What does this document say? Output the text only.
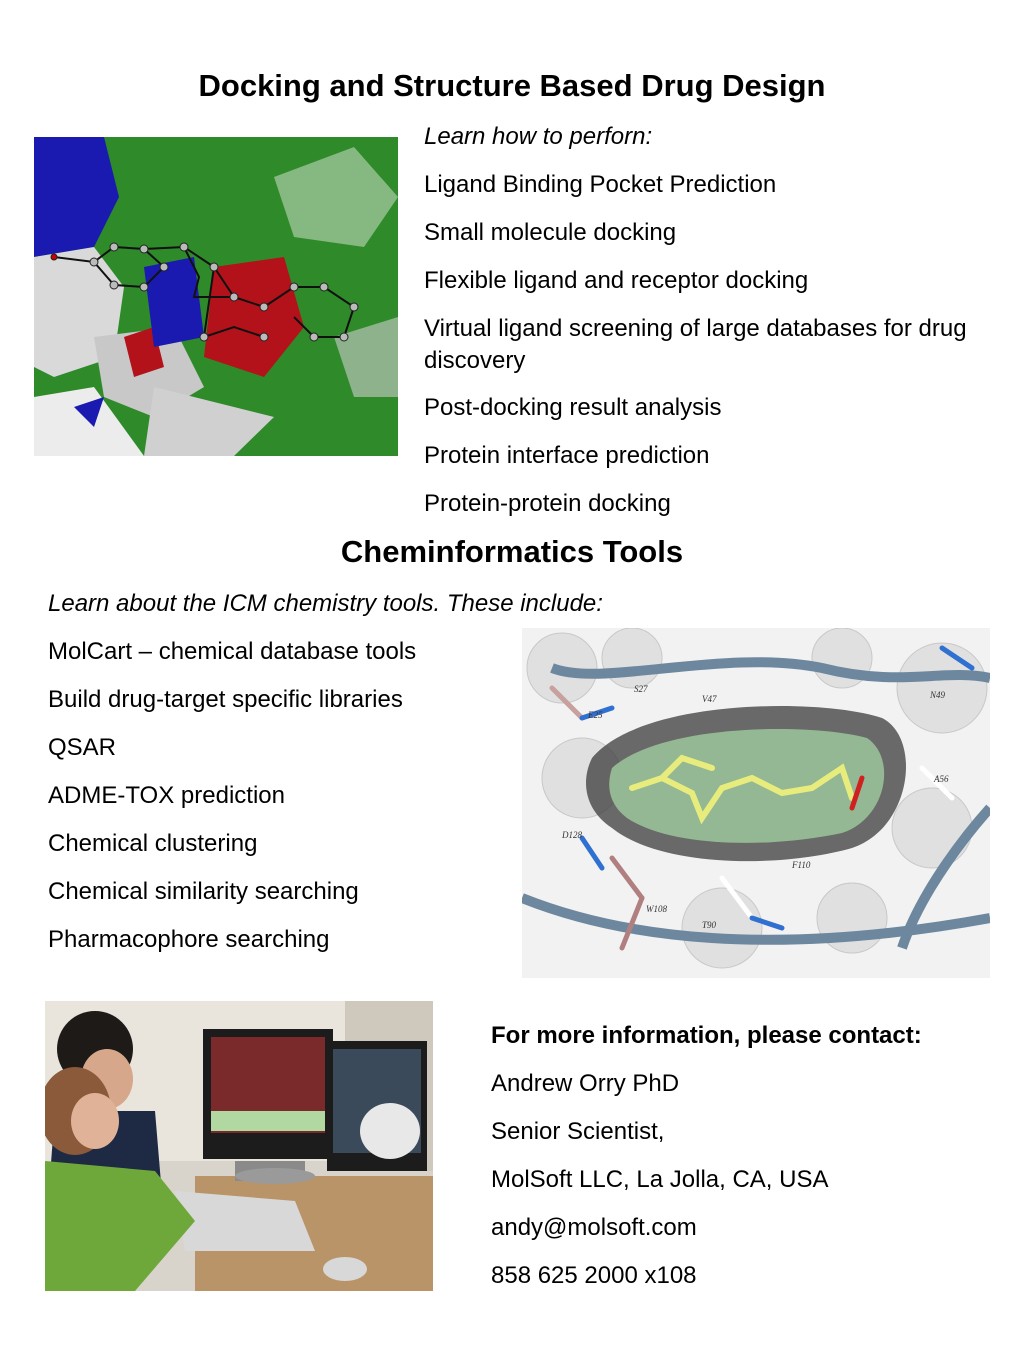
Docking and Structure Based Drug Design
Learn how to perforn:
Ligand Binding Pocket Prediction
Small molecule docking
Flexible ligand and receptor docking
Virtual ligand screening of large databases for drug discovery
Post-docking result analysis
Protein interface prediction
Protein-protein docking
Cheminformatics Tools
Learn about the ICM chemistry tools. These include:
MolCart – chemical database tools
Build drug-target specific libraries
QSAR
ADME-TOX prediction
Chemical clustering
Chemical similarity searching
Pharmacophore searching
S27
V47	N49
E25
A56
D128
F110
W108
T90
For more information, please contact:
Andrew Orry PhD
Senior Scientist,
MolSoft LLC, La Jolla, CA, USA
andy@molsoft.com
858 625 2000 x108
